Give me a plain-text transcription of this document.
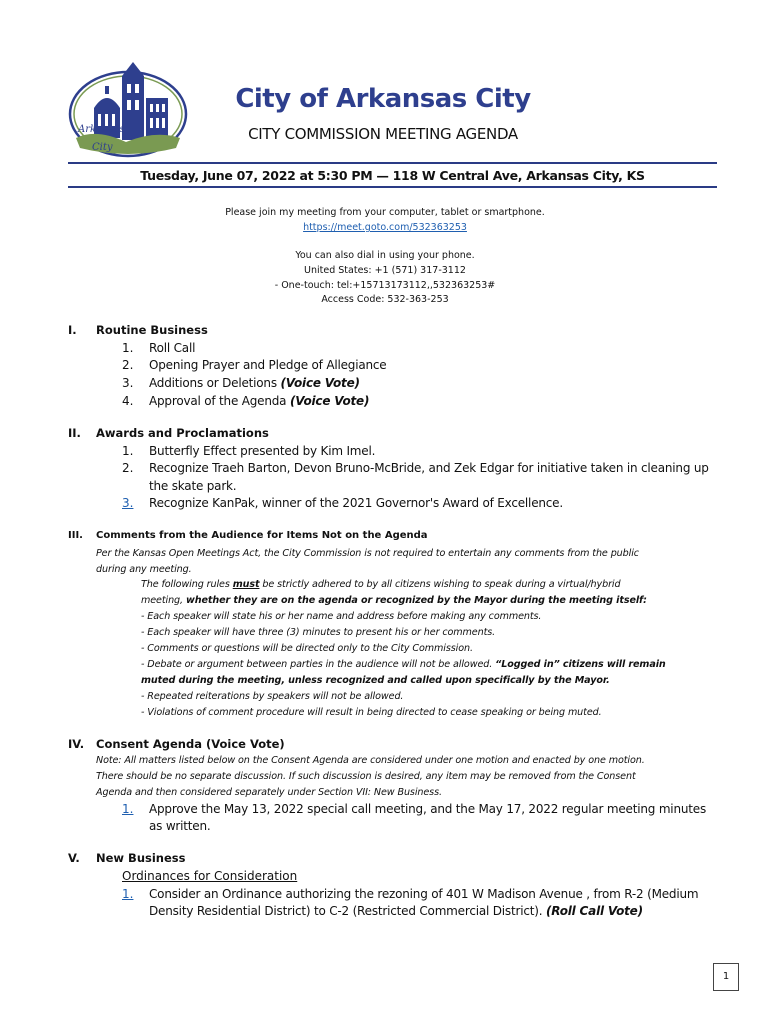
Arkansas
City
City of Arkansas City
CITY COMMISSION MEETING AGENDA
Tuesday, June 07, 2022 at 5:30 PM — 118 W Central Ave, Arkansas City, KS
Please join my meeting from your computer, tablet or smartphone.
https://meet.goto.com/532363253
You can also dial in using your phone.
United States: +1 (571) 317-3112
- One-touch: tel:+15713173112,,532363253#
Access Code: 532-363-253
I. Routine Business
1. Roll Call
2. Opening Prayer and Pledge of Allegiance
3. Additions or Deletions (Voice Vote)
4. Approval of the Agenda (Voice Vote)
II. Awards and Proclamations
1. Butterfly Effect presented by Kim Imel.
2. Recognize Traeh Barton, Devon Bruno-McBride, and Zek Edgar for initiative taken in cleaning up
the skate park.
3. Recognize KanPak, winner of the 2021 Governor's Award of Excellence.
III. Comments from the Audience for Items Not on the Agenda
Per the Kansas Open Meetings Act, the City Commission is not required to entertain any comments from the public
during any meeting.
The following rules must be strictly adhered to by all citizens wishing to speak during a virtual/hybrid
meeting, whether they are on the agenda or recognized by the Mayor during the meeting itself:
- Each speaker will state his or her name and address before making any comments.
- Each speaker will have three (3) minutes to present his or her comments.
- Comments or questions will be directed only to the City Commission.
- Debate or argument between parties in the audience will not be allowed. “Logged in” citizens will remain
muted during the meeting, unless recognized and called upon specifically by the Mayor.
- Repeated reiterations by speakers will not be allowed.
- Violations of comment procedure will result in being directed to cease speaking or being muted.
IV. Consent Agenda (Voice Vote)
Note: All matters listed below on the Consent Agenda are considered under one motion and enacted by one motion.
There should be no separate discussion. If such discussion is desired, any item may be removed from the Consent
Agenda and then considered separately under Section VII: New Business.
1. Approve the May 13, 2022 special call meeting, and the May 17, 2022 regular meeting minutes
as written.
V. New Business
Ordinances for Consideration
1. Consider an Ordinance authorizing the rezoning of 401 W Madison Avenue , from R-2 (Medium
Density Residential District) to C-2 (Restricted Commercial District). (Roll Call Vote)
1
